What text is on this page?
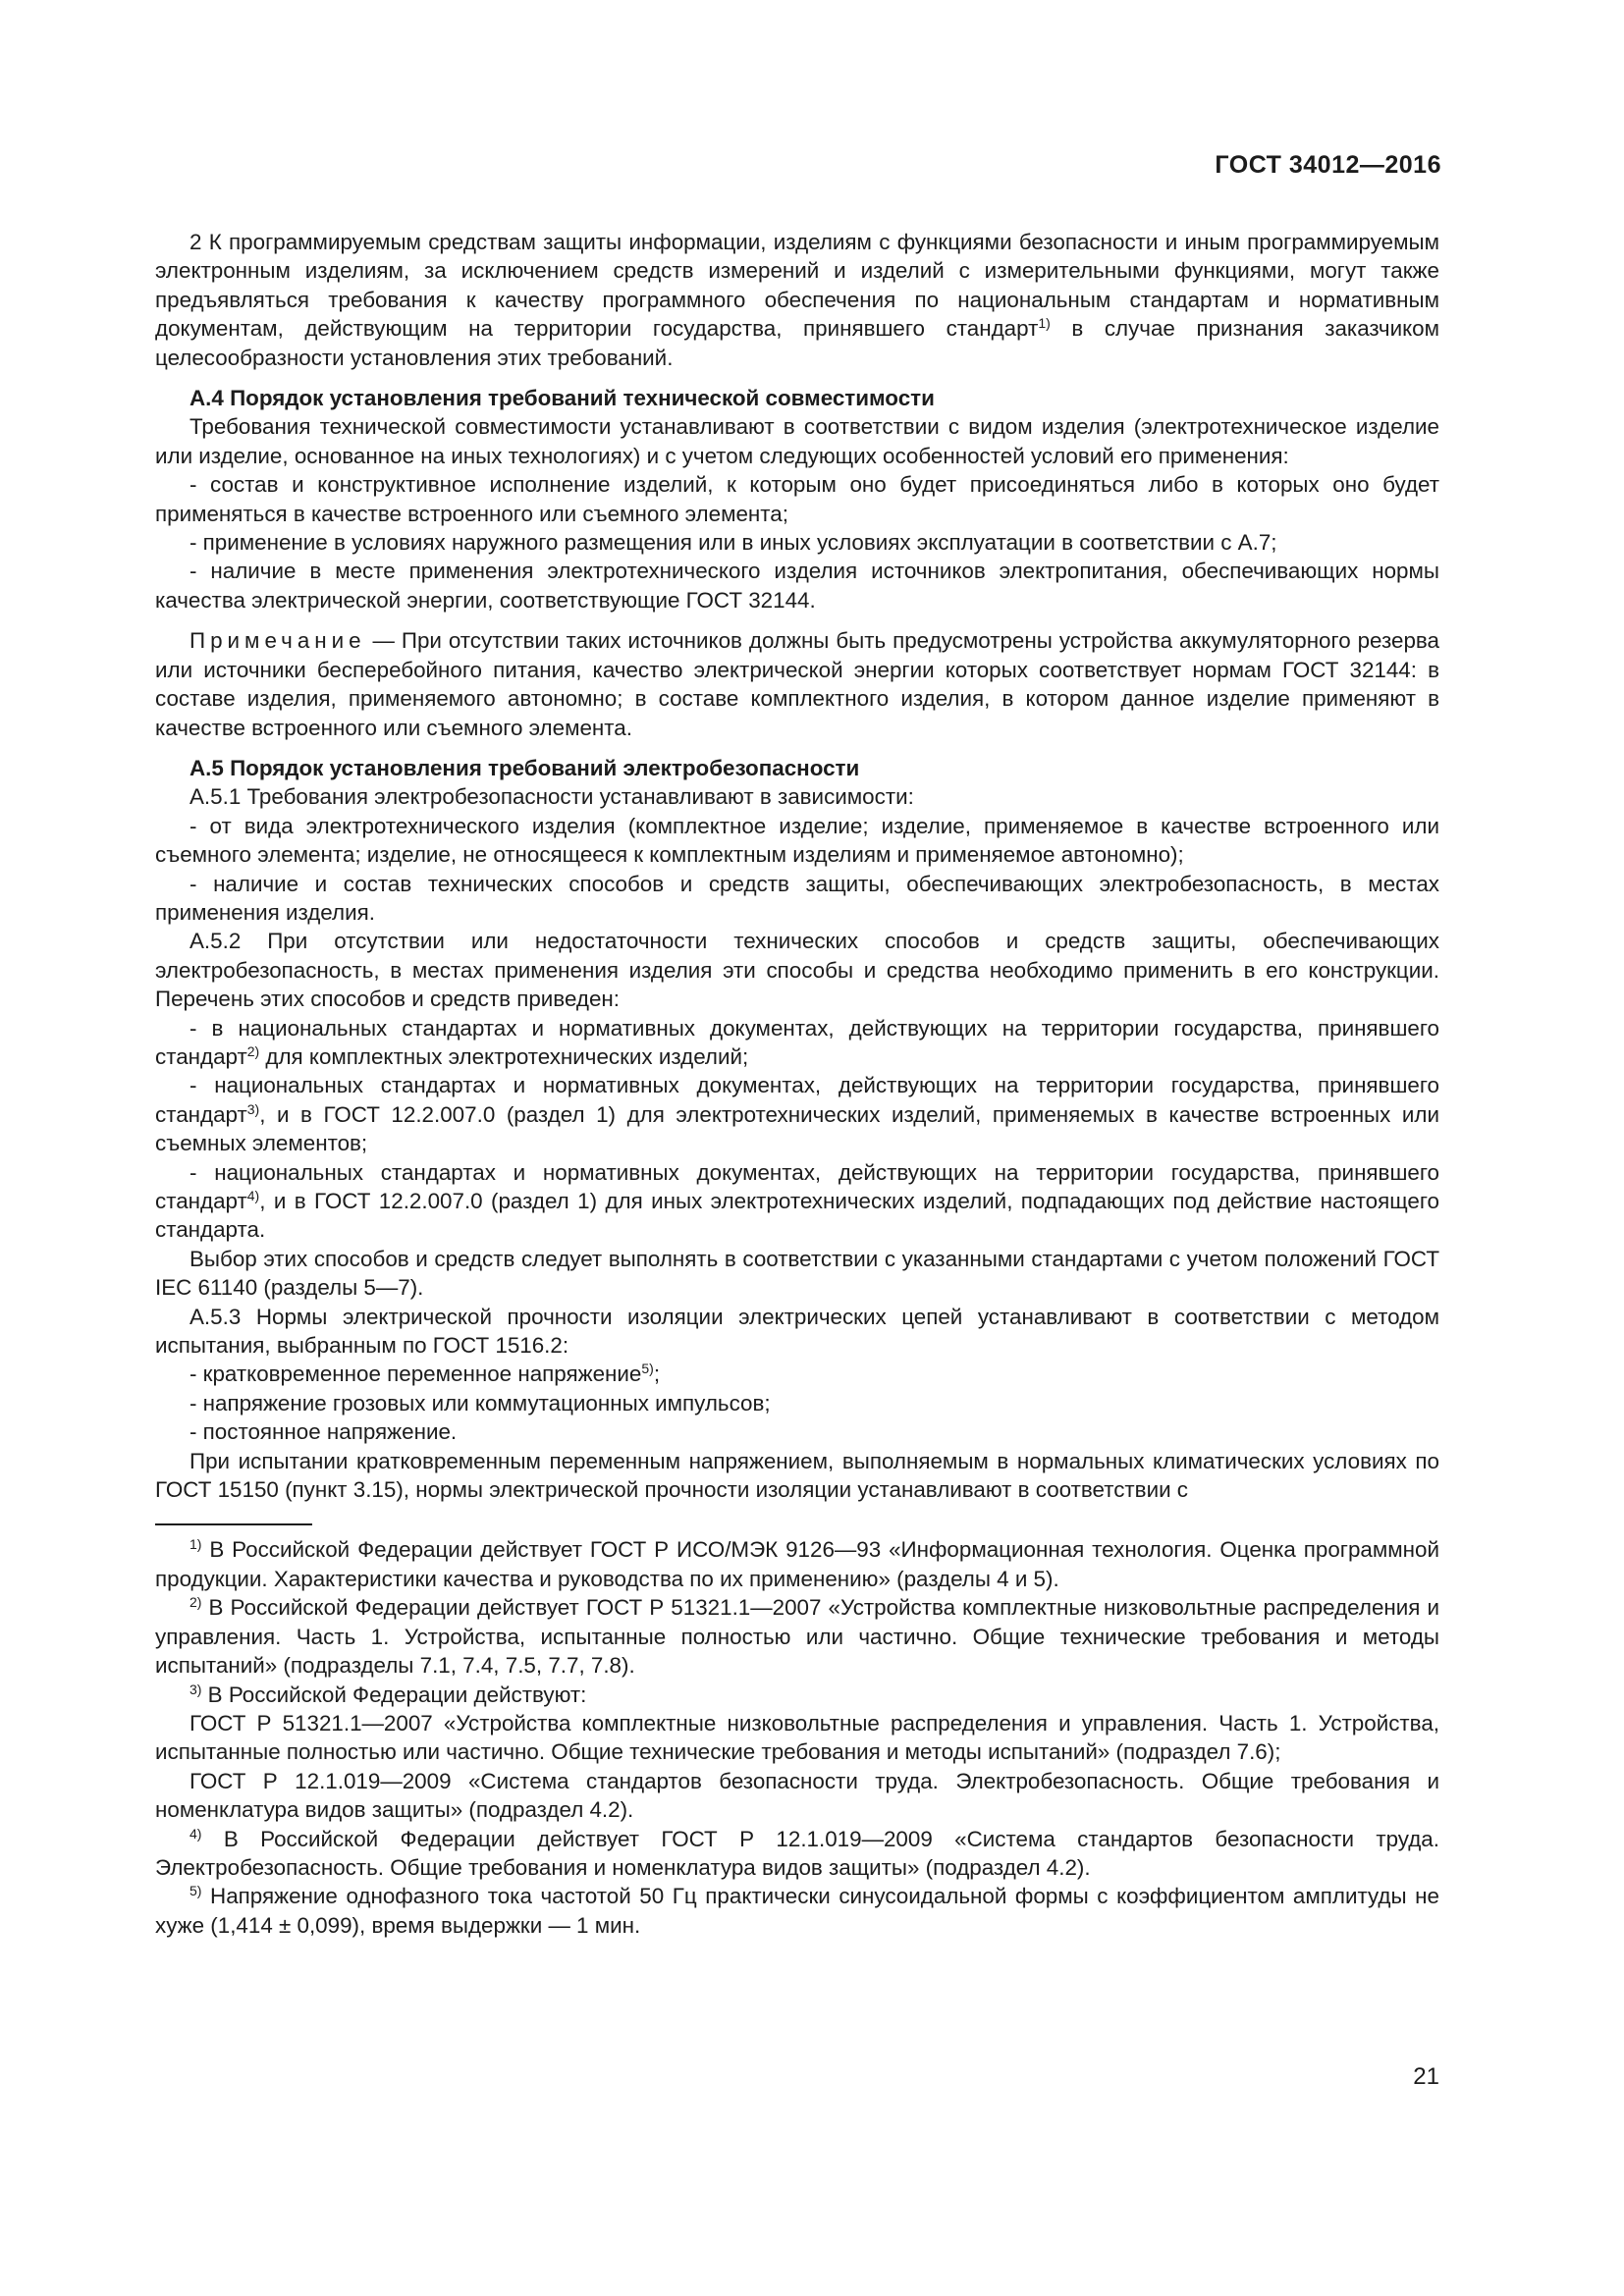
ГОСТ 34012—2016

2 К программируемым средствам защиты информации, изделиям с функциями безопасности и иным программируемым электронным изделиям, за исключением средств измерений и изделий с измерительными функциями, могут также предъявляться требования к качеству программного обеспечения по национальным стандартам и нормативным документам, действующим на территории государства, принявшего стандарт$^{1)}$ в случае признания заказчиком целесообразности установления этих требований.

А.4 Порядок установления требований технической совместимости

Требования технической совместимости устанавливают в соответствии с видом изделия (электротехническое изделие или изделие, основанное на иных технологиях) и с учетом следующих особенностей условий его применения:

- состав и конструктивное исполнение изделий, к которым оно будет присоединяться либо в которых оно будет применяться в качестве встроенного или съемного элемента;

- применение в условиях наружного размещения или в иных условиях эксплуатации в соответствии с А.7;

- наличие в месте применения электротехнического изделия источников электропитания, обеспечивающих нормы качества электрической энергии, соответствующие ГОСТ 32144.

Примечание — При отсутствии таких источников должны быть предусмотрены устройства аккумуляторного резерва или источники бесперебойного питания, качество электрической энергии которых соответствует нормам ГОСТ 32144: в составе изделия, применяемого автономно; в составе комплектного изделия, в котором данное изделие применяют в качестве встроенного или съемного элемента.

А.5 Порядок установления требований электробезопасности

А.5.1 Требования электробезопасности устанавливают в зависимости:

- от вида электротехнического изделия (комплектное изделие; изделие, применяемое в качестве встроенного или съемного элемента; изделие, не относящееся к комплектным изделиям и применяемое автономно);

- наличие и состав технических способов и средств защиты, обеспечивающих электробезопасность, в местах применения изделия.

А.5.2 При отсутствии или недостаточности технических способов и средств защиты, обеспечивающих электробезопасность, в местах применения изделия эти способы и средства необходимо применить в его конструкции. Перечень этих способов и средств приведен:

- в национальных стандартах и нормативных документах, действующих на территории государства, принявшего стандарт$^{2)}$ для комплектных электротехнических изделий;

- национальных стандартах и нормативных документах, действующих на территории государства, принявшего стандарт$^{3)}$, и в ГОСТ 12.2.007.0 (раздел 1) для электротехнических изделий, применяемых в качестве встроенных или съемных элементов;

- национальных стандартах и нормативных документах, действующих на территории государства, принявшего стандарт$^{4)}$, и в ГОСТ 12.2.007.0 (раздел 1) для иных электротехнических изделий, подпадающих под действие настоящего стандарта.

Выбор этих способов и средств следует выполнять в соответствии с указанными стандартами с учетом положений ГОСТ IEC 61140 (разделы 5—7).

А.5.3 Нормы электрической прочности изоляции электрических цепей устанавливают в соответствии с методом испытания, выбранным по ГОСТ 1516.2:

- кратковременное переменное напряжение$^{5)}$;

- напряжение грозовых или коммутационных импульсов;

- постоянное напряжение.

При испытании кратковременным переменным напряжением, выполняемым в нормальных климатических условиях по ГОСТ 15150 (пункт 3.15), нормы электрической прочности изоляции устанавливают в соответствии с

$^{1)}$ В Российской Федерации действует ГОСТ Р ИСО/МЭК 9126—93 «Информационная технология. Оценка программной продукции. Характеристики качества и руководства по их применению» (разделы 4 и 5).

$^{2)}$ В Российской Федерации действует ГОСТ Р 51321.1—2007 «Устройства комплектные низковольтные распределения и управления. Часть 1. Устройства, испытанные полностью или частично. Общие технические требования и методы испытаний» (подразделы 7.1, 7.4, 7.5, 7.7, 7.8).

$^{3)}$ В Российской Федерации действуют:

ГОСТ Р 51321.1—2007 «Устройства комплектные низковольтные распределения и управления. Часть 1. Устройства, испытанные полностью или частично. Общие технические требования и методы испытаний» (подраздел 7.6);

ГОСТ Р 12.1.019—2009 «Система стандартов безопасности труда. Электробезопасность. Общие требования и номенклатура видов защиты» (подраздел 4.2).

$^{4)}$ В Российской Федерации действует ГОСТ Р 12.1.019—2009 «Система стандартов безопасности труда. Электробезопасность. Общие требования и номенклатура видов защиты» (подраздел 4.2).

$^{5)}$ Напряжение однофазного тока частотой 50 Гц практически синусоидальной формы с коэффициентом амплитуды не хуже (1,414 ± 0,099), время выдержки — 1 мин.

21
